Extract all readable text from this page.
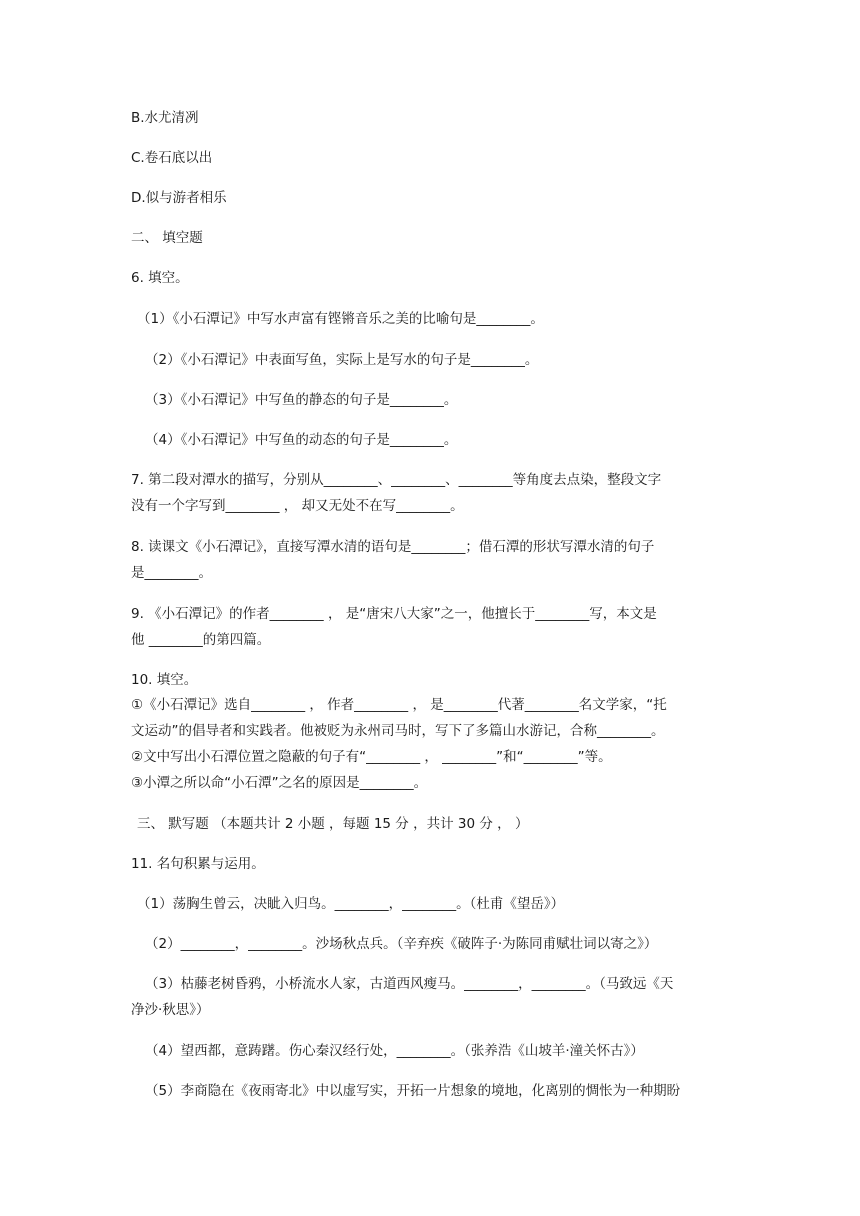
B.水尤清冽
C.卷石底以出
D.似与游者相乐
二、 填空题
6. 填空。
（1）《小石潭记》中写水声富有铿锵音乐之美的比喻句是________。
（2）《小石潭记》中表面写鱼，实际上是写水的句子是________。
（3）《小石潭记》中写鱼的静态的句子是________。
（4）《小石潭记》中写鱼的动态的句子是________。
7. 第二段对潭水的描写，分别从________、________、________等角度去点染，整段文字
没有一个字写到________ ， 却又无处不在写________。
8. 读课文《小石潭记》，直接写潭水清的语句是________；借石潭的形状写潭水清的句子
是________。
9. 《小石潭记》的作者________ ， 是“唐宋八大家”之一，他擅长于________写，本文是
他 ________的第四篇。
10. 填空。
①《小石潭记》选自________ ， 作者________ ， 是________代著________名文学家，“托
文运动”的倡导者和实践者。他被贬为永州司马时，写下了多篇山水游记，合称________。
②文中写出小石潭位置之隐蔽的句子有“________ ， ________”和“________”等。
③小潭之所以命“小石潭”之名的原因是________。
三、 默写题 （本题共计 2 小题 ，每题 15 分 ，共计 30 分 ， ）
11. 名句积累与运用。
（1）荡胸生曾云，决眦入归鸟。________，________。（杜甫《望岳》）
（2）________，________。沙场秋点兵。（辛弃疾《破阵子·为陈同甫赋壮词以寄之》）
（3）枯藤老树昏鸦，小桥流水人家，古道西风瘦马。________，________。（马致远《天
净沙·秋思》）
（4）望西都，意踌躇。伤心秦汉经行处，________。（张养浩《山坡羊·潼关怀古》）
（5）李商隐在《夜雨寄北》中以虚写实，开拓一片想象的境地，化离别的惆怅为一种期盼
